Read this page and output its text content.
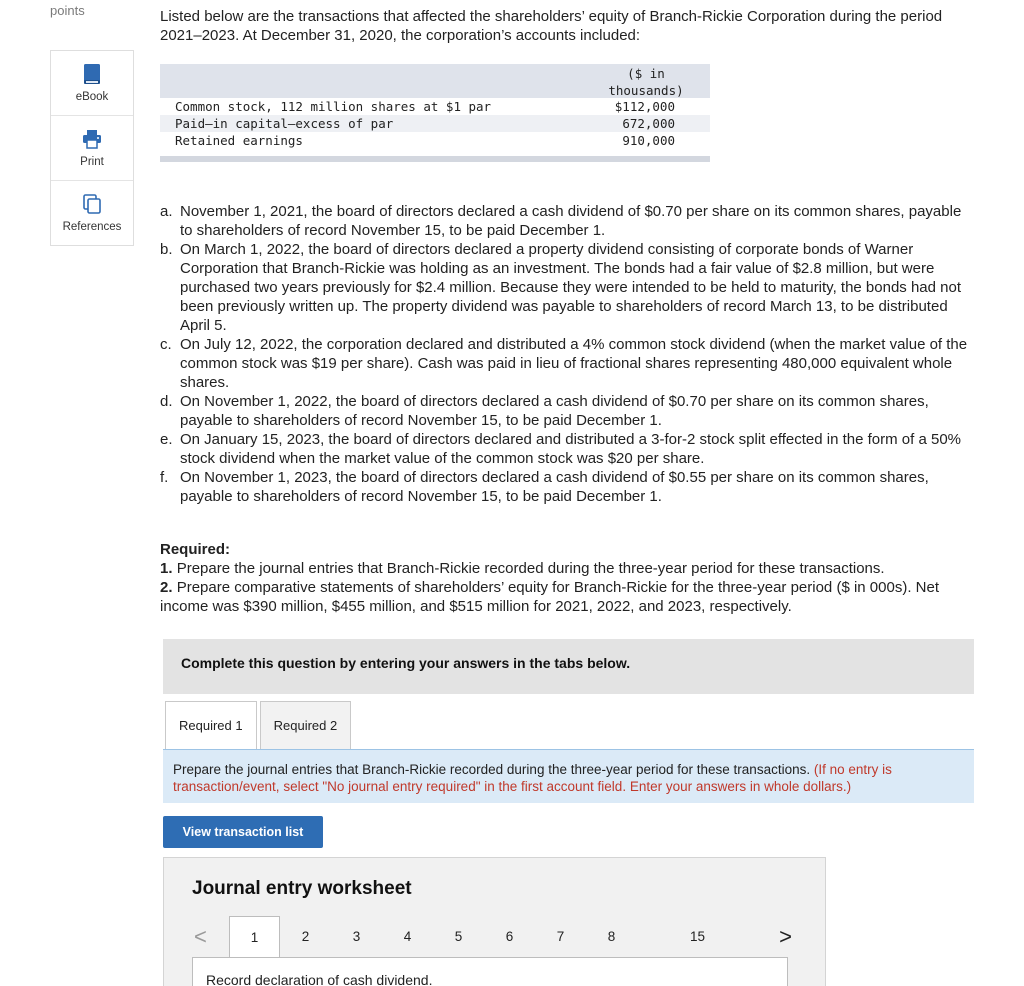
points
eBook
Print
References

Listed below are the transactions that affected the shareholders’ equity of Branch-Rickie Corporation during the period 2021–2023. At December 31, 2020, the corporation’s accounts included:

($ in
thousands)
Common stock, 112 million shares at $1 par	$112,000
Paid–in capital—excess of par	672,000
Retained earnings	910,000
a. November 1, 2021, the board of directors declared a cash dividend of $0.70 per share on its common shares, payable to shareholders of record November 15, to be paid December 1.
b. On March 1, 2022, the board of directors declared a property dividend consisting of corporate bonds of Warner Corporation that Branch-Rickie was holding as an investment. The bonds had a fair value of $2.8 million, but were purchased two years previously for $2.4 million. Because they were intended to be held to maturity, the bonds had not been previously written up. The property dividend was payable to shareholders of record March 13, to be distributed April 5.
c. On July 12, 2022, the corporation declared and distributed a 4% common stock dividend (when the market value of the common stock was $19 per share). Cash was paid in lieu of fractional shares representing 480,000 equivalent whole shares.
d. On November 1, 2022, the board of directors declared a cash dividend of $0.70 per share on its common shares, payable to shareholders of record November 15, to be paid December 1.
e. On January 15, 2023, the board of directors declared and distributed a 3-for-2 stock split effected in the form of a 50% stock dividend when the market value of the common stock was $20 per share.
f. On November 1, 2023, the board of directors declared a cash dividend of $0.55 per share on its common shares, payable to shareholders of record November 15, to be paid December 1.
Required:
1. Prepare the journal entries that Branch-Rickie recorded during the three-year period for these transactions.
2. Prepare comparative statements of shareholders’ equity for Branch-Rickie for the three-year period ($ in 000s). Net income was $390 million, $455 million, and $515 million for 2021, 2022, and 2023, respectively.
Complete this question by entering your answers in the tabs below.
Required 1	Required 2
Prepare the journal entries that Branch-Rickie recorded during the three-year period for these transactions. (If no entry is
transaction/event, select "No journal entry required" in the first account field. Enter your answers in whole dollars.)
View transaction list
Journal entry worksheet
<	1	2	3	4	5	6	7	8	15	>
Record declaration of cash dividend.
